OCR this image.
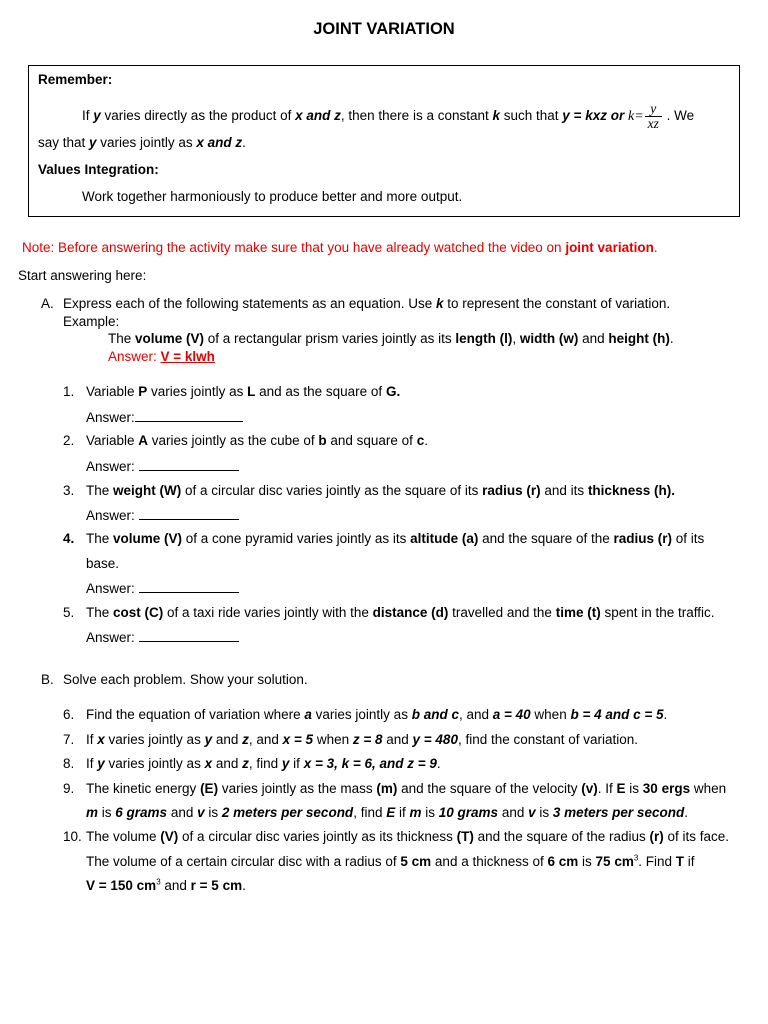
JOINT VARIATION
Remember:
If y varies directly as the product of x and z, then there is a constant k such that y = kxz or $k= \frac{y}{xz}$ . We
say that y varies jointly as x and z.
Values Integration:
Work together harmoniously to produce better and more output.
Note: Before answering the activity make sure that you have already watched the video on joint variation.
Start answering here:
A. Express each of the following statements as an equation. Use k to represent the constant of variation.
Example:
The volume (V) of a rectangular prism varies jointly as its length (l), width (w) and height (h).
Answer: V = klwh
1. Variable P varies jointly as L and as the square of G.
Answer:
2. Variable A varies jointly as the cube of b and square of c.
Answer:
3. The weight (W) of a circular disc varies jointly as the square of its radius (r) and its thickness (h).
Answer:
4. The volume (V) of a cone pyramid varies jointly as its altitude (a) and the square of the radius (r) of its
base.
Answer:
5. The cost (C) of a taxi ride varies jointly with the distance (d) travelled and the time (t) spent in the traffic.
Answer:
B. Solve each problem. Show your solution.
6. Find the equation of variation where a varies jointly as b and c, and a = 40 when b = 4 and c = 5.
7. If x varies jointly as y and z, and x = 5 when z = 8 and y = 480, find the constant of variation.
8. If y varies jointly as x and z, find y if x = 3, k = 6, and z = 9.
9. The kinetic energy (E) varies jointly as the mass (m) and the square of the velocity (v). If E is 30 ergs when
m is 6 grams and v is 2 meters per second, find E if m is 10 grams and v is 3 meters per second.
10. The volume (V) of a circular disc varies jointly as its thickness (T) and the square of the radius (r) of its face.
The volume of a certain circular disc with a radius of 5 cm and a thickness of 6 cm is 75 $cm^3$. Find T if
V = 150 $cm^3$ and r = 5 cm.
